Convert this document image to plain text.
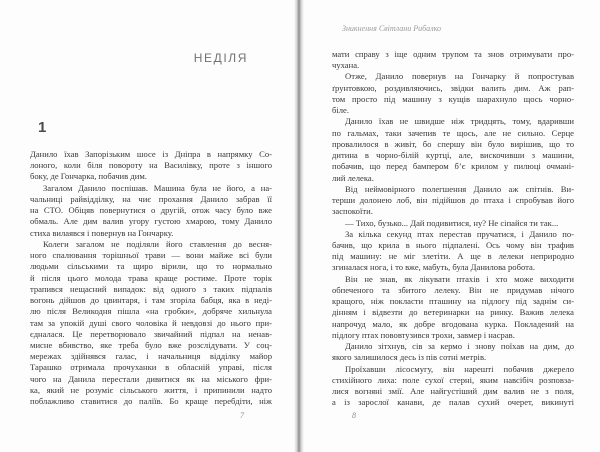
НЕДІЛЯ
1
Данило їхав Запорізьким шосе із Дніпра в напрямку Со-
лоного, коли біля повороту на Василівку, проте з іншого
боку, де Гончарка, побачив дим.
Загалом Данило поспішав. Машина була не його, а на-
чальниці райвідділку, на чиє прохання Данило забрав її
на СТО. Обіцяв повернутися о другій, отож часу було вже
обмаль. Але дим валив угору густою хмарою, тому Данило
стиха вилаявся і повернув на Гончарку.
Колеги загалом не поділяли його ставлення до весня-
ного спалювання торішньої трави — вони майже всі були
людьми сільськими та щиро вірили, що то нормально
й після цього молода трава краще ростиме. Проте торік
трапився нещасний випадок: від одного з таких підпалів
вогонь дійшов до цвинтаря, і там згоріла бабця, яка в неді-
лю після Великодня пішла «на гробки», добряче хильнула
там за упокій душі свого чоловіка й невдовзі до нього при-
єдналася. Це перетворювало звичайний підпал на ненав-
мисне вбивство, яке треба було вже розслідувати. У соц-
мережах здійнявся галас, і начальниця відділку майор
Тарашко отримала прочуханки в обласній управі, після
чого на Данила перестали дивитися як на міського фри-
ка, який не розуміє сільського життя, і припинили надто
поблажливо ставитися до паліїв. Бо краще перебдіти, ніж
7
Зникнення Світлани Рибалко
мати справу з іще одним трупом та знов отримувати про-
чухана.
Отже, Данило повернув на Гончарку й попростував
ґрунтовкою, роздивляючись, звідки валить дим. Аж рап-
том просто під машину з кущів шарахнуло щось чорно-
біле.
Данило їхав не швидше ніж тридцять, тому, вдаривши
по гальмах, таки зачепив те щось, але не сильно. Серце
провалилося в живіт, бо спершу він було вирішив, що то
дитина в чорно-білій куртці, але, вискочивши з машини,
побачив, що перед бампером б’є крилом у пилюці очмані-
лий лелека.
Від неймовірного полегшення Данило аж спітнів. Ви-
терши долонею лоб, він підійшов до птаха і спробував його
заспокоїти.
— Тихо, бузько... Дай подивитися, ну? Не сіпайся ти так...
За кілька секунд птах перестав пручатися, і Данило по-
бачив, що крила в нього підпалені. Ось чому він трафив
під машину: не міг злетіти. А ще в лелеки неприродно
згиналася нога, і то вже, мабуть, була Данилова робота.
Він не знав, як лікувати птахів і хто може виходити
обпеченого та збитого лелеку. Він не придумав нічого
кращого, ніж покласти пташину на підлогу під заднім си-
дінням і відвезти до ветеринарки на ринку. Важив лелека
напрочуд мало, як добре вгодована курка. Покладений на
підлогу птах пововтузився трохи, завмер і насрав.
Данило зітхнув, сів за кермо і знову поїхав на дим, до
якого залишилося десь із пів сотні метрів.
Проїхавши лісосмугу, він нарешті побачив джерело
стихійного лиха: поле сухої стерні, яким навсібіч розповза-
лися вогняні змії. Але найгустіший дим валив не з поля,
а із зарослої канави, де палав сухий очерет, викинуті
8
